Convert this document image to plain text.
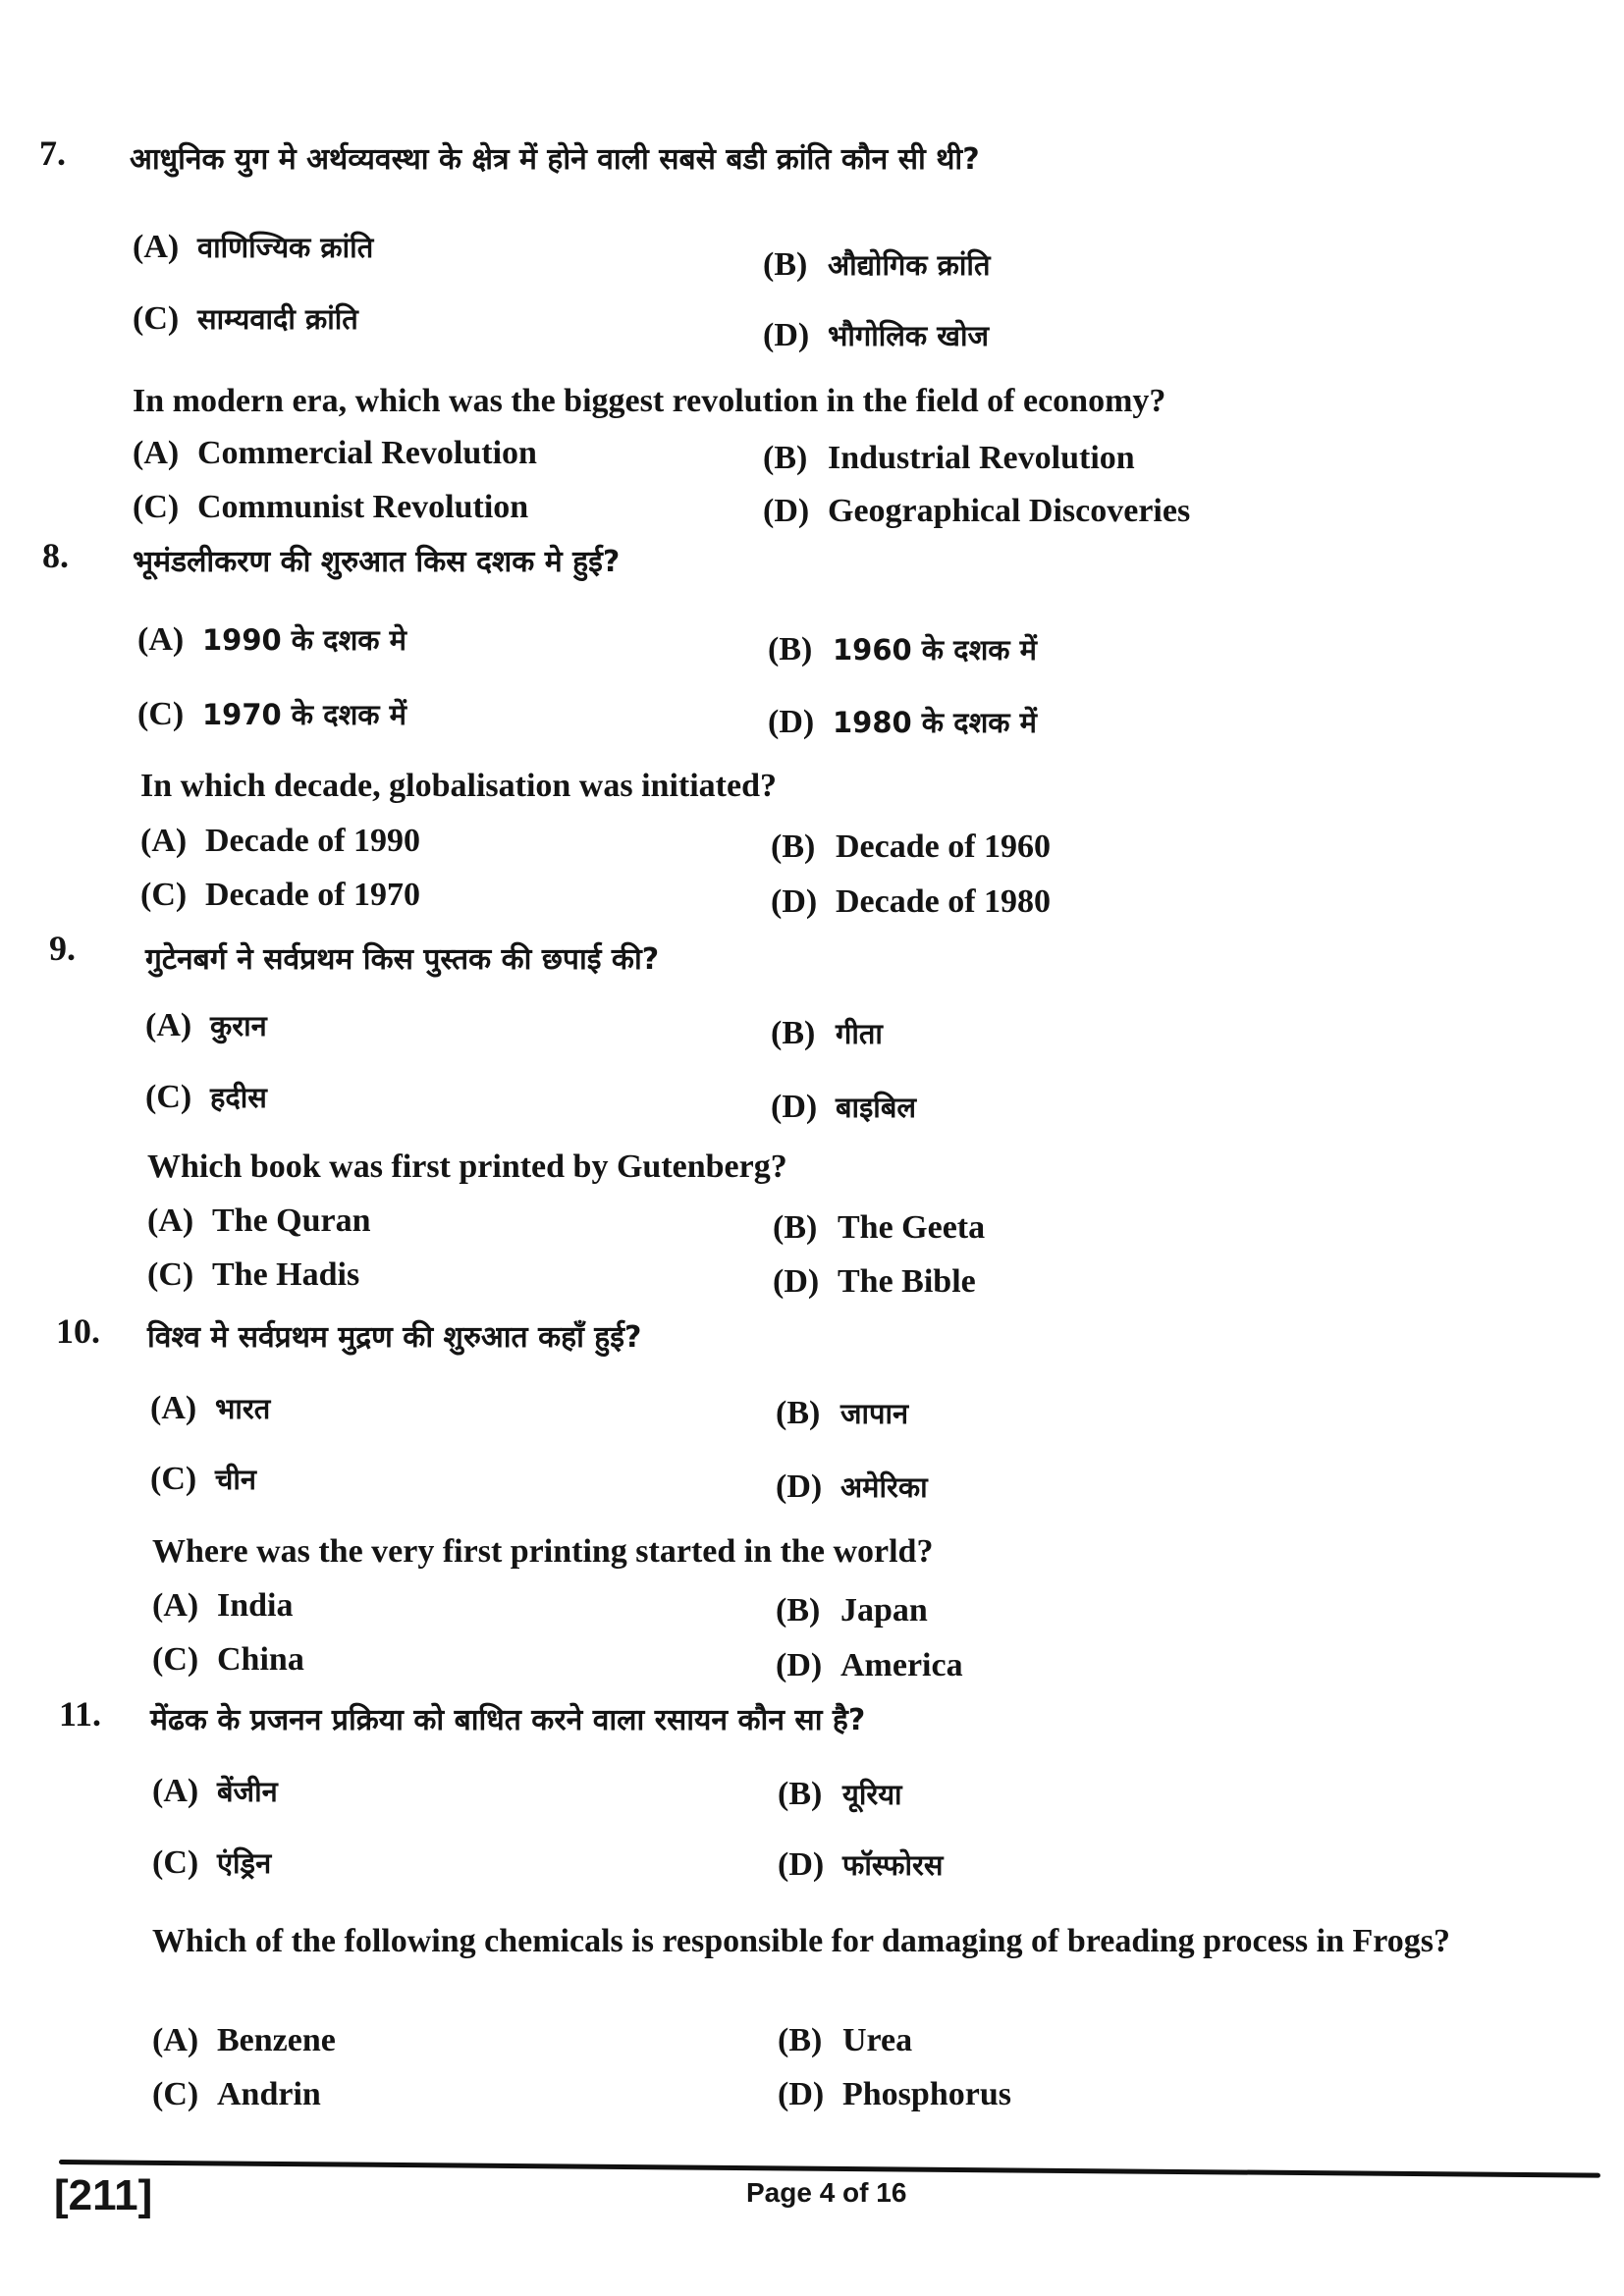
7. आधुनिक युग मे अर्थव्यवस्था के क्षेत्र में होने वाली सबसे बडी क्रांति कौन सी थी?
(A) वाणिज्यिक क्रांति	(B) औद्योगिक क्रांति
(C) साम्यवादी क्रांति	(D) भौगोलिक खोज
In modern era, which was the biggest revolution in the field of economy?
(A) Commercial Revolution	(B) Industrial Revolution
(C) Communist Revolution	(D) Geographical Discoveries
8. भूमंडलीकरण की शुरुआत किस दशक मे हुई?
(A) 1990 के दशक मे	(B) 1960 के दशक में
(C) 1970 के दशक में	(D) 1980 के दशक में
In which decade, globalisation was initiated?
(A) Decade of 1990	(B) Decade of 1960
(C) Decade of 1970	(D) Decade of 1980
9. गुटेनबर्ग ने सर्वप्रथम किस पुस्तक की छपाई की?
(A) कुरान	(B) गीता
(C) हदीस	(D) बाइबिल
Which book was first printed by Gutenberg?
(A) The Quran	(B) The Geeta
(C) The Hadis	(D) The Bible
10. विश्व मे सर्वप्रथम मुद्रण की शुरुआत कहाँ हुई?
(A) भारत	(B) जापान
(C) चीन	(D) अमेरिका
Where was the very first printing started in the world?
(A) India	(B) Japan
(C) China	(D) America
11. मेंढक के प्रजनन प्रक्रिया को बाधित करने वाला रसायन कौन सा है?
(A) बेंजीन	(B) यूरिया
(C) एंड्रिन	(D) फॉस्फोरस
Which of the following chemicals is responsible for damaging of breading process in Frogs?
(A) Benzene	(B) Urea
(C) Andrin	(D) Phosphorus
[211]	Page 4 of 16
